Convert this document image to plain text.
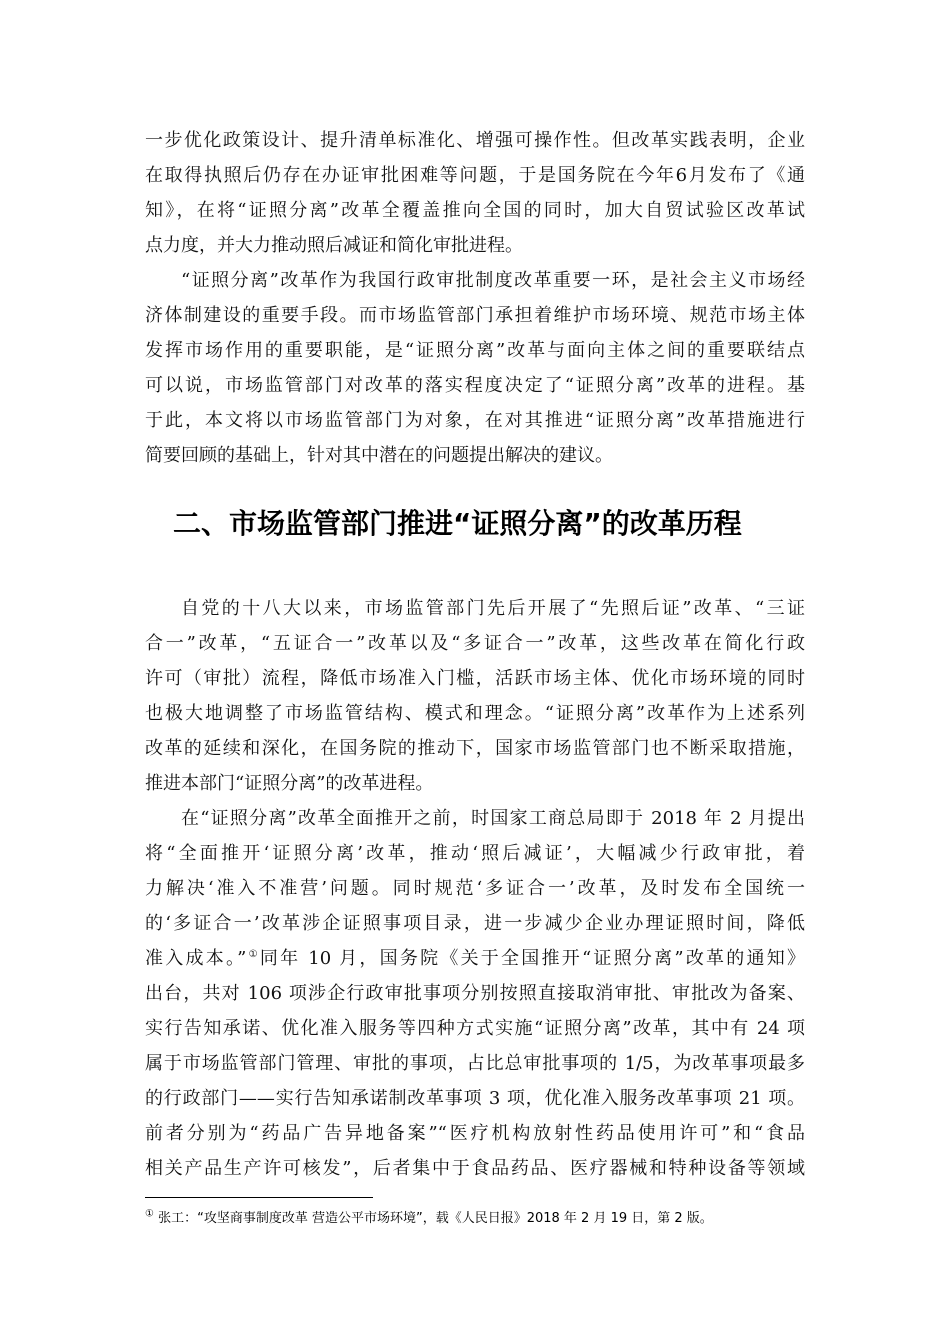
一步优化政策设计、提升清单标准化、增强可操作性。但改革实践表明，企业
在取得执照后仍存在办证审批困难等问题，于是国务院在今年6月发布了《通
知》，在将“证照分离”改革全覆盖推向全国的同时，加大自贸试验区改革试
点力度，并大力推动照后减证和简化审批进程。
“证照分离”改革作为我国行政审批制度改革重要一环，是社会主义市场经
济体制建设的重要手段。而市场监管部门承担着维护市场环境、规范市场主体
发挥市场作用的重要职能，是“证照分离”改革与面向主体之间的重要联结点
可以说，市场监管部门对改革的落实程度决定了“证照分离”改革的进程。基
于此，本文将以市场监管部门为对象，在对其推进“证照分离”改革措施进行
简要回顾的基础上，针对其中潜在的问题提出解决的建议。
二、市场监管部门推进“证照分离”的改革历程
自党的十八大以来，市场监管部门先后开展了“先照后证”改革、“三证
合一”改革，“五证合一”改革以及“多证合一”改革，这些改革在简化行政
许可（审批）流程，降低市场准入门槛，活跃市场主体、优化市场环境的同时
也极大地调整了市场监管结构、模式和理念。“证照分离”改革作为上述系列
改革的延续和深化，在国务院的推动下，国家市场监管部门也不断采取措施，
推进本部门“证照分离”的改革进程。
在“证照分离”改革全面推开之前，时国家工商总局即于 2018 年 2 月提出
将“全面推开‘证照分离’改革，推动‘照后减证’，大幅减少行政审批，着
力解决‘准入不准营’问题。同时规范‘多证合一’改革，及时发布全国统一
的‘多证合一’改革涉企证照事项目录，进一步减少企业办理证照时间，降低
准入成本。”①同年 10 月，国务院《关于全国推开“证照分离”改革的通知》
出台，共对 106 项涉企行政审批事项分别按照直接取消审批、审批改为备案、
实行告知承诺、优化准入服务等四种方式实施“证照分离”改革，其中有 24 项
属于市场监管部门管理、审批的事项，占比总审批事项的 1/5，为改革事项最多
的行政部门——实行告知承诺制改革事项 3 项，优化准入服务改革事项 21 项。
前者分别为“药品广告异地备案”“医疗机构放射性药品使用许可”和“食品
相关产品生产许可核发”，后者集中于食品药品、医疗器械和特种设备等领域
① 张工：“攻坚商事制度改革 营造公平市场环境”，载《人民日报》2018 年 2 月 19 日，第 2 版。
